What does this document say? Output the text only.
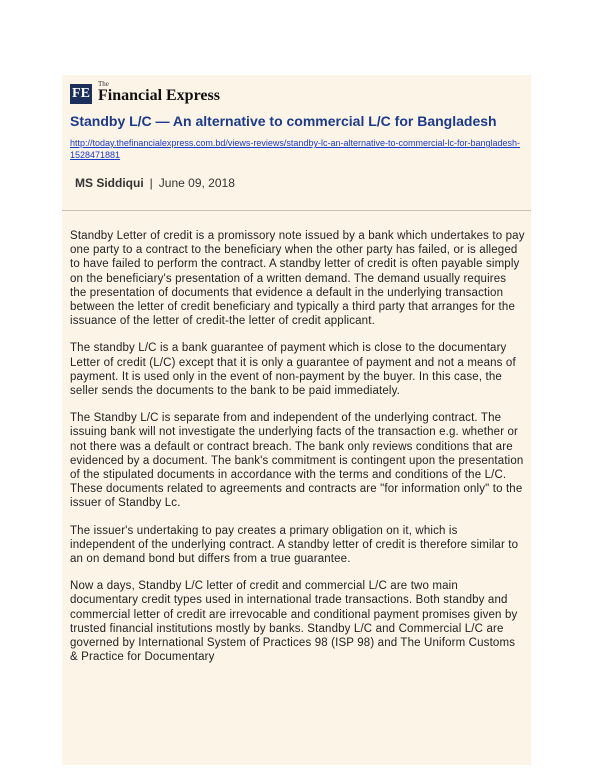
FE
The
Financial Express
Standby L/C — An alternative to commercial L/C for Bangladesh
http://today.thefinancialexpress.com.bd/views-reviews/standby-lc-an-alternative-to-commercial-lc-for-bangladesh-1528471881
MS Siddiqui | June 09, 2018

Standby Letter of credit is a promissory note issued by a bank which undertakes to pay one party to a contract to the beneficiary when the other party has failed, or is alleged to have failed to perform the contract. A standby letter of credit is often payable simply on the beneficiary's presentation of a written demand. The demand usually requires the presentation of documents that evidence a default in the underlying transaction between the letter of credit beneficiary and typically a third party that arranges for the issuance of the letter of credit-the letter of credit applicant.

The standby L/C is a bank guarantee of payment which is close to the documentary Letter of credit (L/C) except that it is only a guarantee of payment and not a means of payment. It is used only in the event of non-payment by the buyer. In this case, the seller sends the documents to the bank to be paid immediately.

The Standby L/C is separate from and independent of the underlying contract. The issuing bank will not investigate the underlying facts of the transaction e.g. whether or not there was a default or contract breach. The bank only reviews conditions that are evidenced by a document. The bank's commitment is contingent upon the presentation of the stipulated documents in accordance with the terms and conditions of the L/C. These documents related to agreements and contracts are "for information only" to the issuer of Standby Lc.

The issuer's undertaking to pay creates a primary obligation on it, which is independent of the underlying contract. A standby letter of credit is therefore similar to an on demand bond but differs from a true guarantee.

Now a days, Standby L/C letter of credit and commercial L/C are two main documentary credit types used in international trade transactions. Both standby and commercial letter of credit are irrevocable and conditional payment promises given by trusted financial institutions mostly by banks. Standby L/C and Commercial L/C are governed by International System of Practices 98 (ISP 98) and The Uniform Customs & Practice for Documentary
